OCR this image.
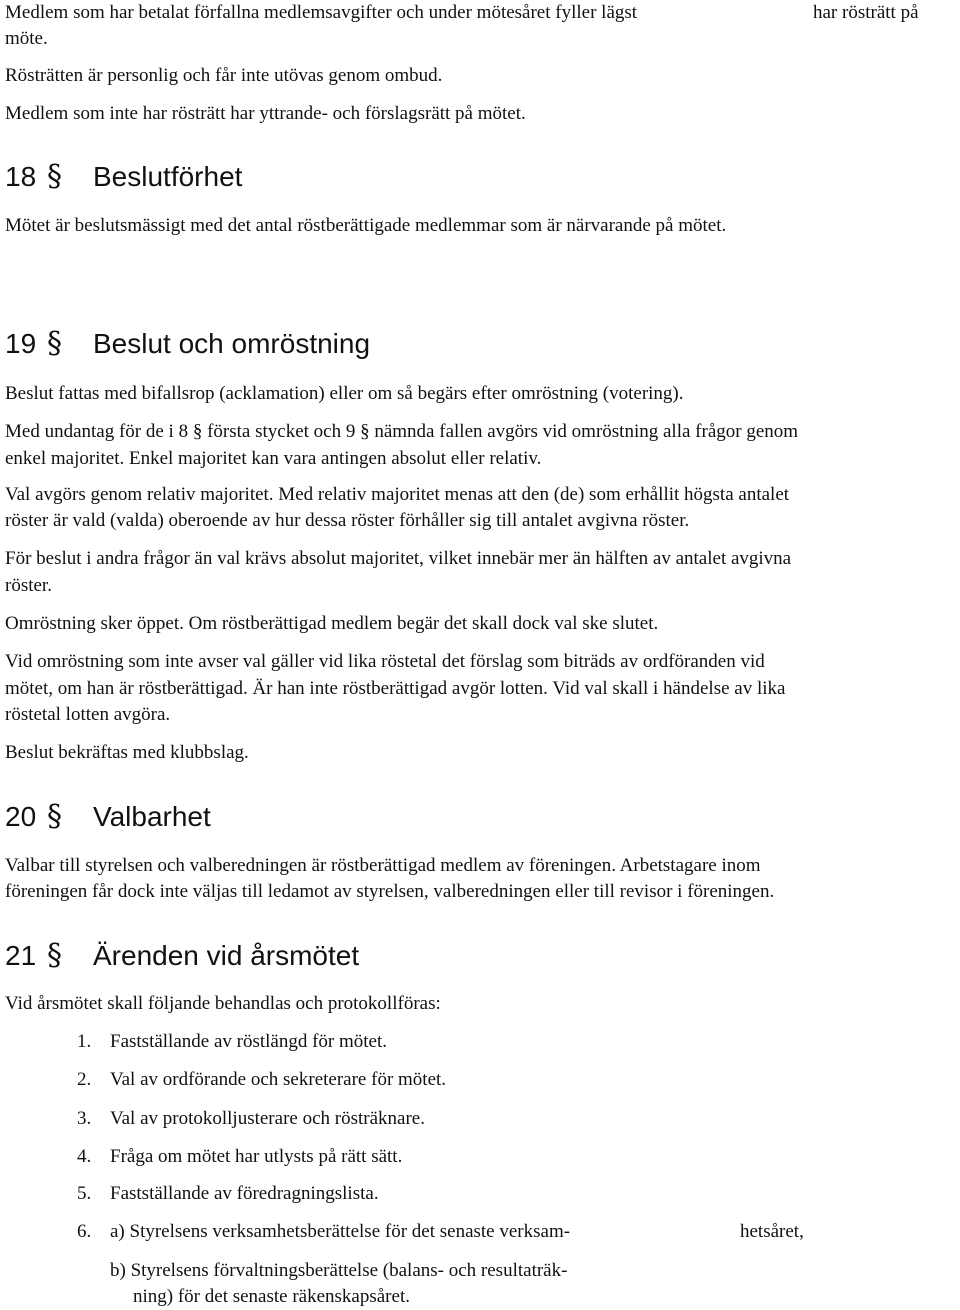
Medlem som har betalat förfallna medlemsavgifter och under mötesåret fyller lägst	har rösträtt på
möte.
Rösträtten är personlig och får inte utövas genom ombud.
Medlem som inte har rösträtt har yttrande- och förslagsrätt på mötet.
18 § Beslutförhet
Mötet är beslutsmässigt med det antal röstberättigade medlemmar som är närvarande på mötet.
19 § Beslut och omröstning
Beslut fattas med bifallsrop (acklamation) eller om så begärs efter omröstning (votering).
Med undantag för de i 8 § första stycket och 9 § nämnda fallen avgörs vid omröstning alla frågor genom
enkel majoritet. Enkel majoritet kan vara antingen absolut eller relativ.
Val avgörs genom relativ majoritet. Med relativ majoritet menas att den (de) som erhållit högsta antalet
röster är vald (valda) oberoende av hur dessa röster förhåller sig till antalet avgivna röster.
För beslut i andra frågor än val krävs absolut majoritet, vilket innebär mer än hälften av antalet avgivna
röster.
Omröstning sker öppet. Om röstberättigad medlem begär det skall dock val ske slutet.
Vid omröstning som inte avser val gäller vid lika röstetal det förslag som biträds av ordföranden vid
mötet, om han är röstberättigad. Är han inte röstberättigad avgör lotten. Vid val skall i händelse av lika
röstetal lotten avgöra.
Beslut bekräftas med klubbslag.
20 § Valbarhet
Valbar till styrelsen och valberedningen är röstberättigad medlem av föreningen. Arbetstagare inom
föreningen får dock inte väljas till ledamot av styrelsen, valberedningen eller till revisor i föreningen.
21 § Ärenden vid årsmötet
Vid årsmötet skall följande behandlas och protokollföras:
1. Fastställande av röstlängd för mötet.
2. Val av ordförande och sekreterare för mötet.
3. Val av protokolljusterare och rösträknare.
4. Fråga om mötet har utlysts på rätt sätt.
5. Fastställande av föredragningslista.
6. a) Styrelsens verksamhetsberättelse för det senaste verksam-	hetsåret,
b) Styrelsens förvaltningsberättelse (balans- och resultaträk-
ning) för det senaste räkenskapsåret.
